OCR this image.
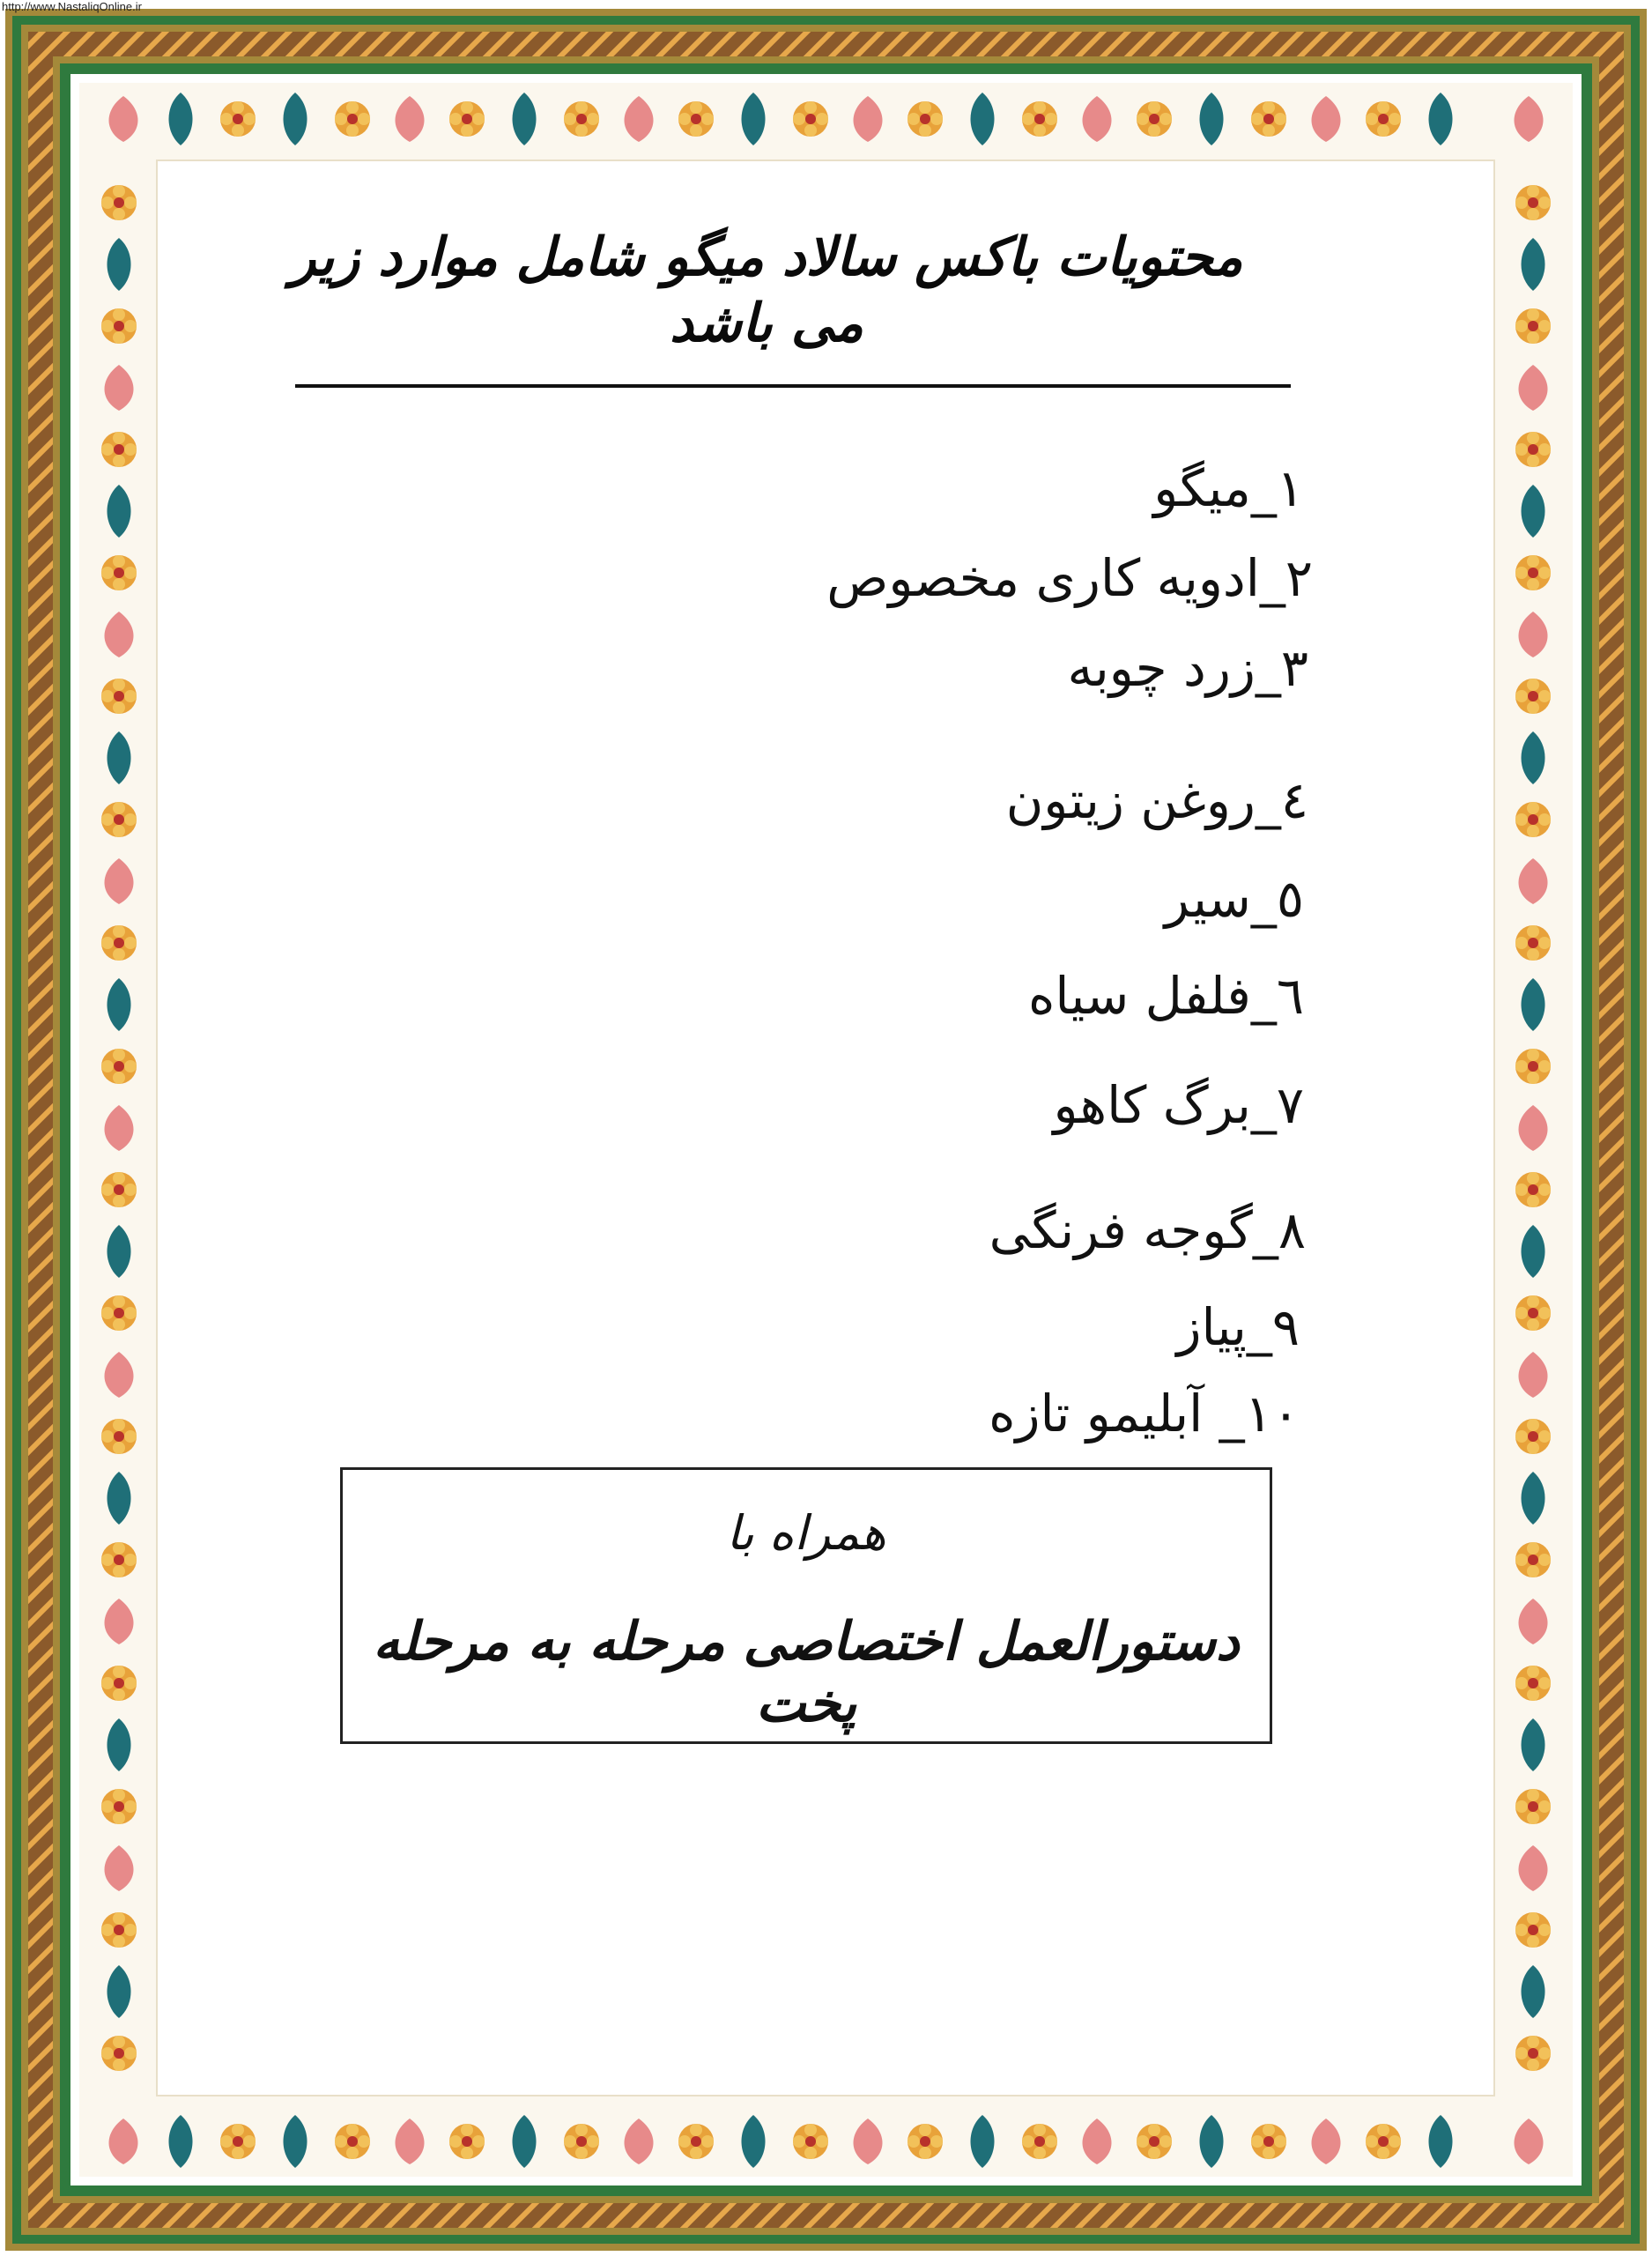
http://www.NastaliqOnline.ir
محتویات باکس سالاد میگو شامل موارد زیر می باشد
۱_میگو
۲_ادویه کاری مخصوص
۳_زرد چوبه
٤_روغن زیتون
٥_سیر
٦_فلفل سیاه
۷_برگ کاهو
۸_گوجه فرنگی
۹_پیاز
۱۰_ آبلیمو تازه
همراه با
دستورالعمل اختصاصی مرحله به مرحله پخت
